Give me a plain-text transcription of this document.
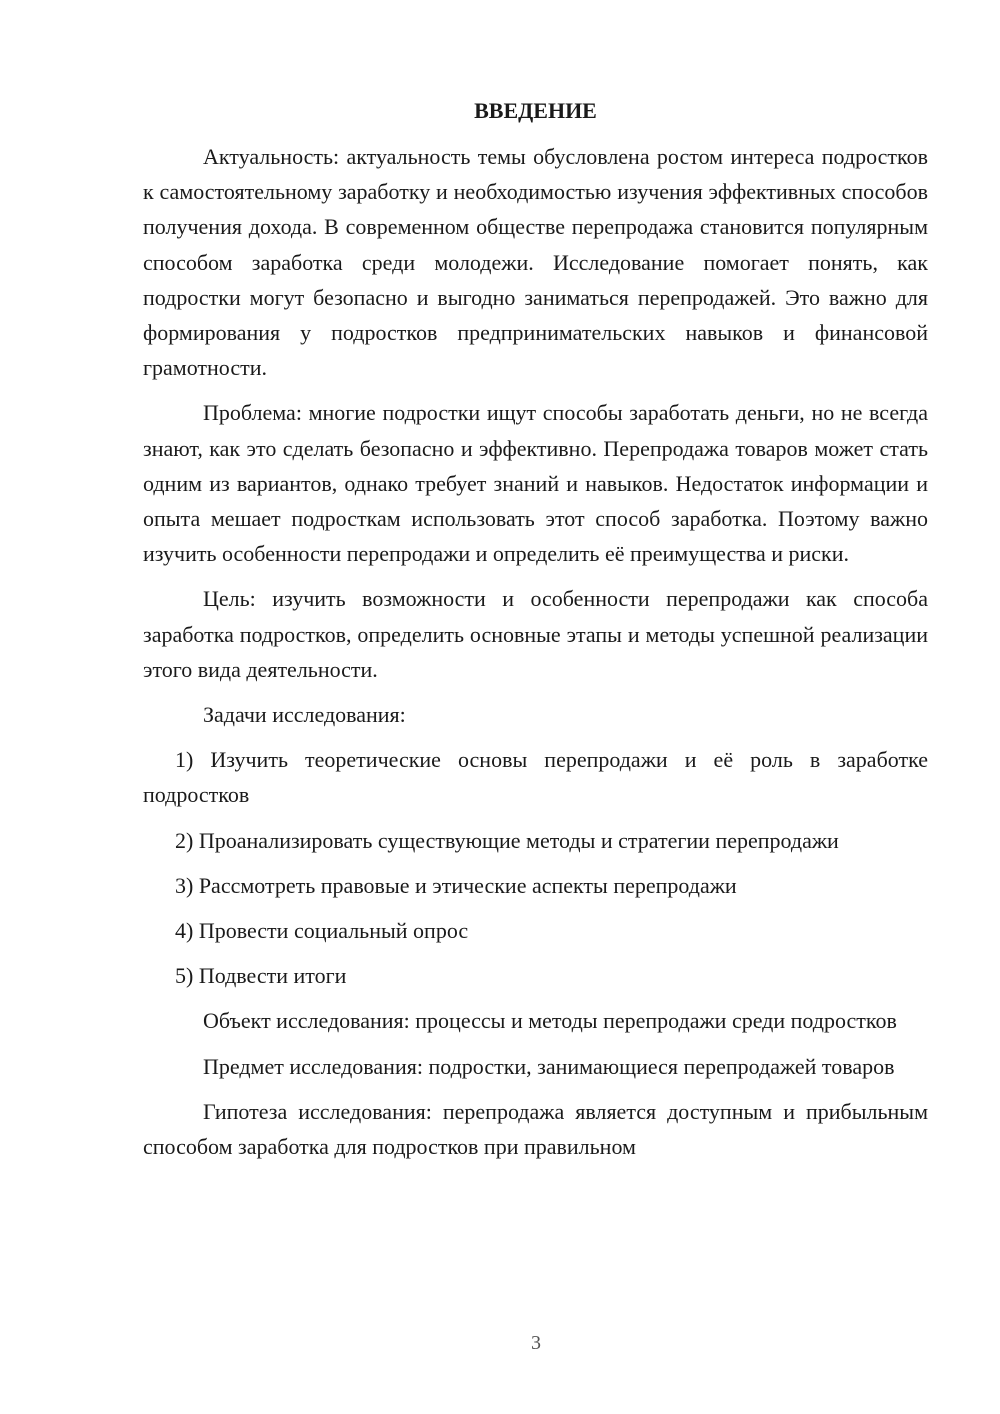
ВВЕДЕНИЕ

Актуальность: актуальность темы обусловлена ростом интереса подростков к самостоятельному заработку и необходимостью изучения эффективных способов получения дохода. В современном обществе перепродажа становится популярным способом заработка среди молодежи. Исследование помогает понять, как подростки могут безопасно и выгодно заниматься перепродажей. Это важно для формирования у подростков предпринимательских навыков и финансовой грамотности.

Проблема: многие подростки ищут способы заработать деньги, но не всегда знают, как это сделать безопасно и эффективно. Перепродажа товаров может стать одним из вариантов, однако требует знаний и навыков. Недостаток информации и опыта мешает подросткам использовать этот способ заработка. Поэтому важно изучить особенности перепродажи и определить её преимущества и риски.

Цель: изучить возможности и особенности перепродажи как способа заработка подростков, определить основные этапы и методы успешной реализации этого вида деятельности.

Задачи исследования:

1) Изучить теоретические основы перепродажи и её роль в заработке подростков

2) Проанализировать существующие методы и стратегии перепродажи

3) Рассмотреть правовые и этические аспекты перепродажи

4) Провести социальный опрос

5) Подвести итоги

Объект исследования: процессы и методы перепродажи среди подростков

Предмет исследования: подростки, занимающиеся перепродажей товаров

Гипотеза исследования: перепродажа является доступным и прибыльным способом заработка для подростков при правильном

3
